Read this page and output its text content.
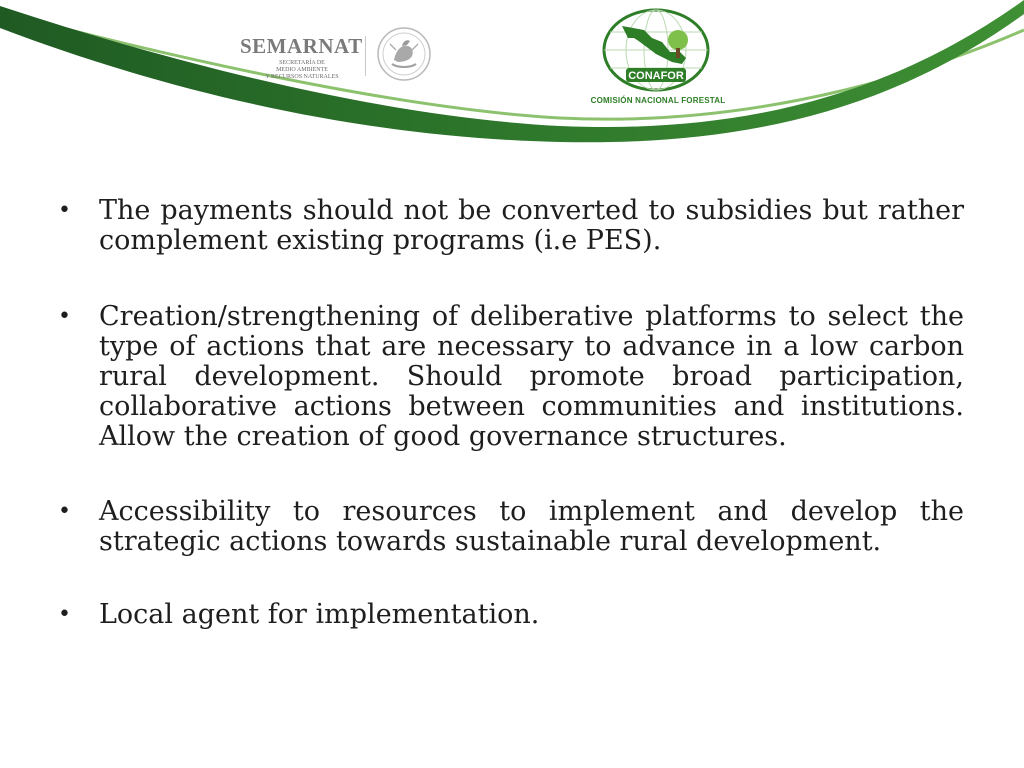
SEMARNAT
SECRETARÍA DE
MEDIO AMBIENTE
Y RECURSOS NATURALES	CONAFOR
COMISIÓN NACIONAL FORESTAL
• The payments should not be converted to subsidies but rather complement existing programs (i.e PES).
• Creation/strengthening of deliberative platforms to select the type of actions that are necessary to advance in a low carbon rural development. Should promote broad participation, collaborative actions between communities and institutions. Allow the creation of good governance structures.
• Accessibility to resources to implement and develop the strategic actions towards sustainable rural development.
• Local agent for implementation.
